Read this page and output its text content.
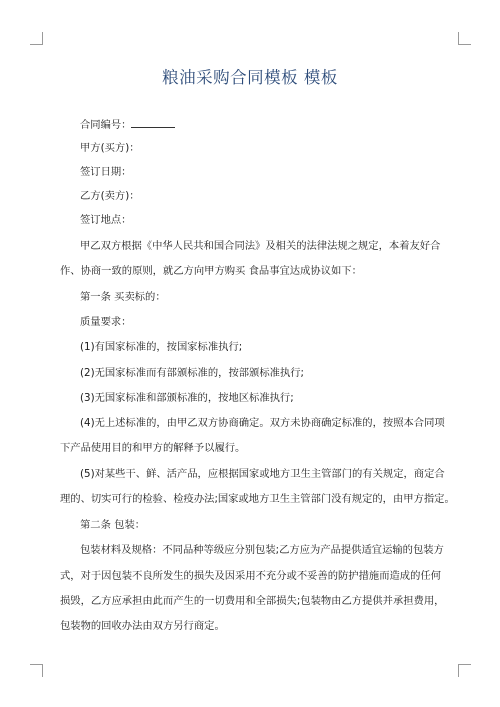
粮油采购合同模板 模板
合同编号：
甲方(买方)：
签订日期：
乙方(卖方)：
签订地点：
甲乙双方根据《中华人民共和国合同法》及相关的法律法规之规定，本着友好合
作、协商一致的原则，就乙方向甲方购买 食品事宜达成协议如下：
第一条 买卖标的：
质量要求：
(1)有国家标准的，按国家标准执行;
(2)无国家标准而有部颁标准的，按部颁标准执行;
(3)无国家标准和部颁标准的，按地区标准执行;
(4)无上述标准的，由甲乙双方协商确定。双方未协商确定标准的，按照本合同项
下产品使用目的和甲方的解释予以履行。
(5)对某些干、鲜、活产品，应根据国家或地方卫生主管部门的有关规定，商定合
理的、切实可行的检验、检疫办法;国家或地方卫生主管部门没有规定的，由甲方指定。
第二条 包装：
包装材料及规格：不同品种等级应分别包装;乙方应为产品提供适宜运输的包装方
式，对于因包装不良所发生的损失及因采用不充分或不妥善的防护措施而造成的任何
损毁，乙方应承担由此而产生的一切费用和全部损失;包装物由乙方提供并承担费用，
包装物的回收办法由双方另行商定。
